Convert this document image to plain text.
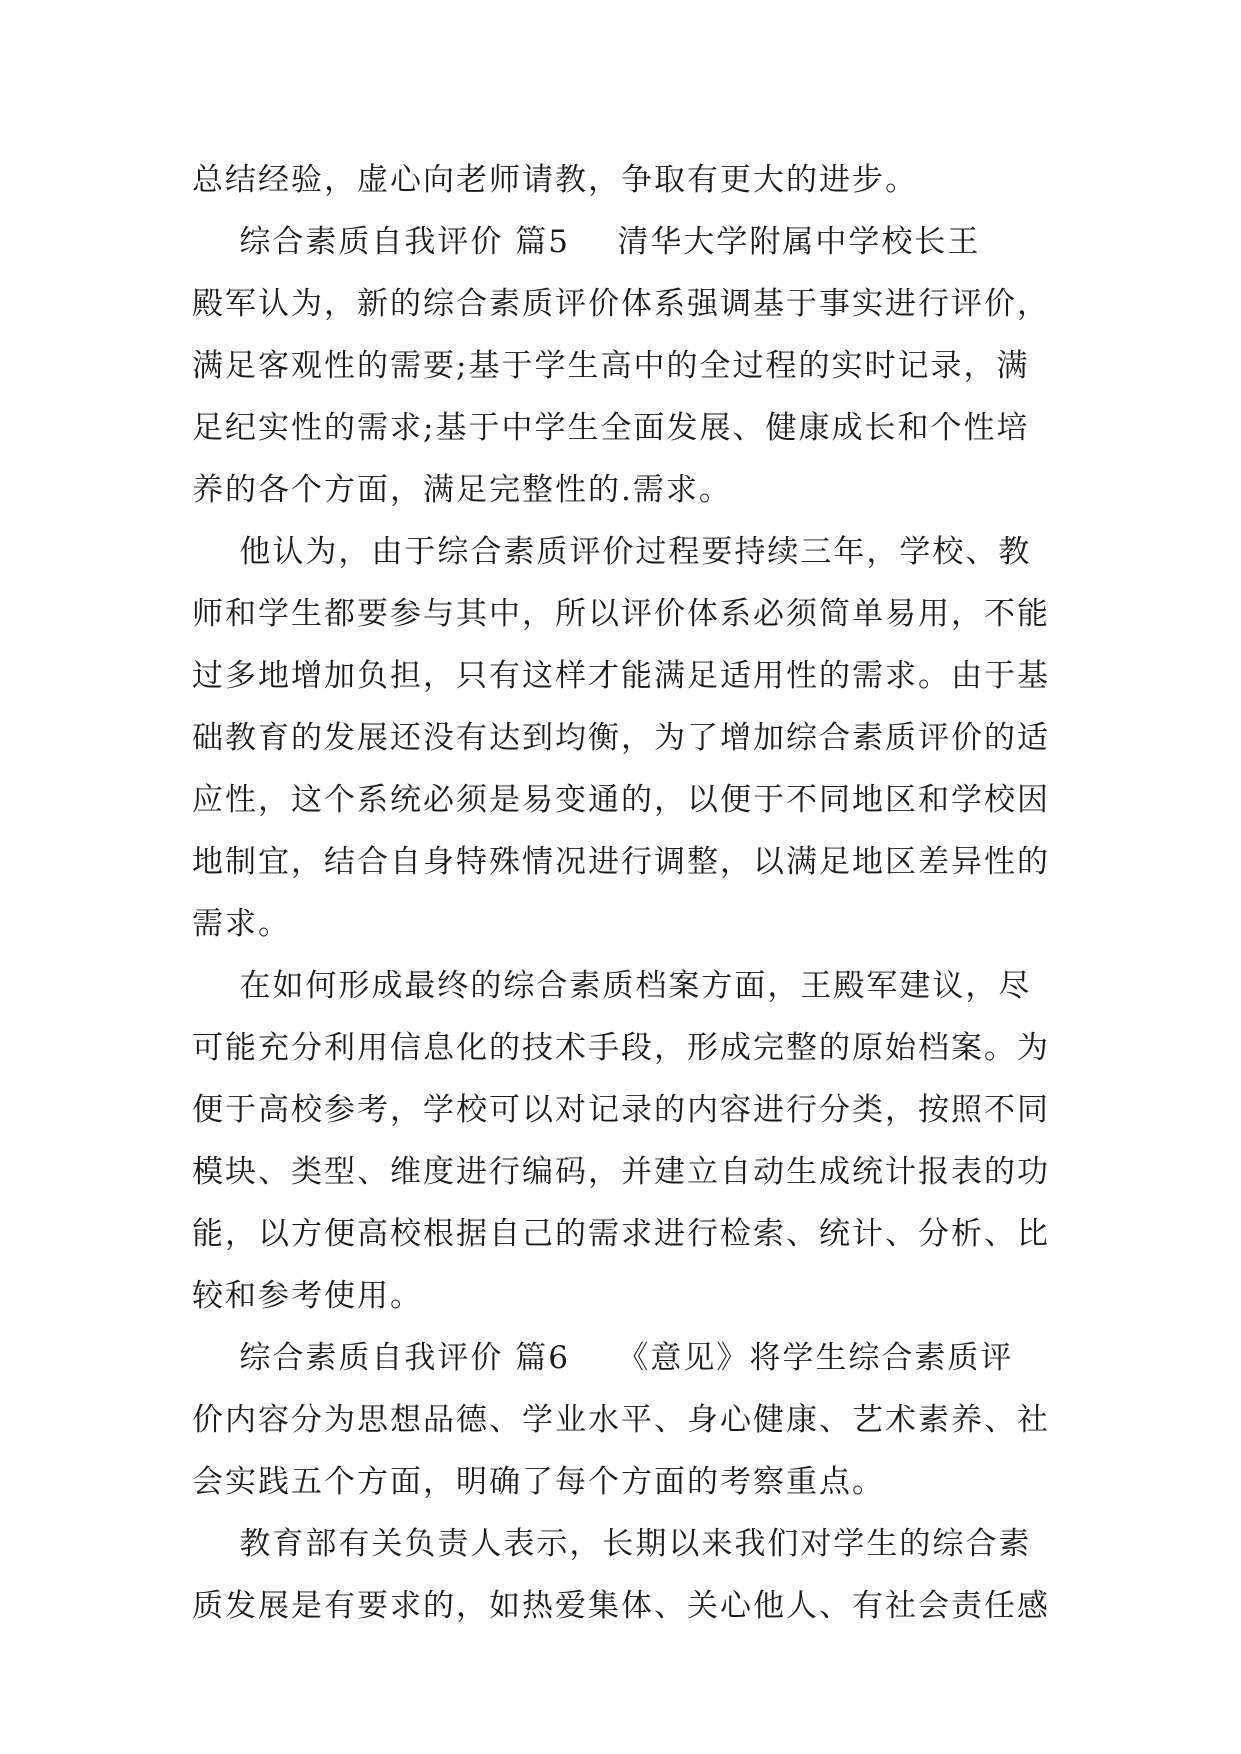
总结经验，虚心向老师请教，争取有更大的进步。
综合素质自我评价 篇5    清华大学附属中学校长王
殿军认为，新的综合素质评价体系强调基于事实进行评价，
满足客观性的需要;基于学生高中的全过程的实时记录，满
足纪实性的需求;基于中学生全面发展、健康成长和个性培
养的各个方面，满足完整性的.需求。
他认为，由于综合素质评价过程要持续三年，学校、教
师和学生都要参与其中，所以评价体系必须简单易用，不能
过多地增加负担，只有这样才能满足适用性的需求。由于基
础教育的发展还没有达到均衡，为了增加综合素质评价的适
应性，这个系统必须是易变通的，以便于不同地区和学校因
地制宜，结合自身特殊情况进行调整，以满足地区差异性的
需求。
在如何形成最终的综合素质档案方面，王殿军建议，尽
可能充分利用信息化的技术手段，形成完整的原始档案。为
便于高校参考，学校可以对记录的内容进行分类，按照不同
模块、类型、维度进行编码，并建立自动生成统计报表的功
能，以方便高校根据自己的需求进行检索、统计、分析、比
较和参考使用。
综合素质自我评价 篇6    《意见》将学生综合素质评
价内容分为思想品德、学业水平、身心健康、艺术素养、社
会实践五个方面，明确了每个方面的考察重点。
教育部有关负责人表示，长期以来我们对学生的综合素
质发展是有要求的，如热爱集体、关心他人、有社会责任感
